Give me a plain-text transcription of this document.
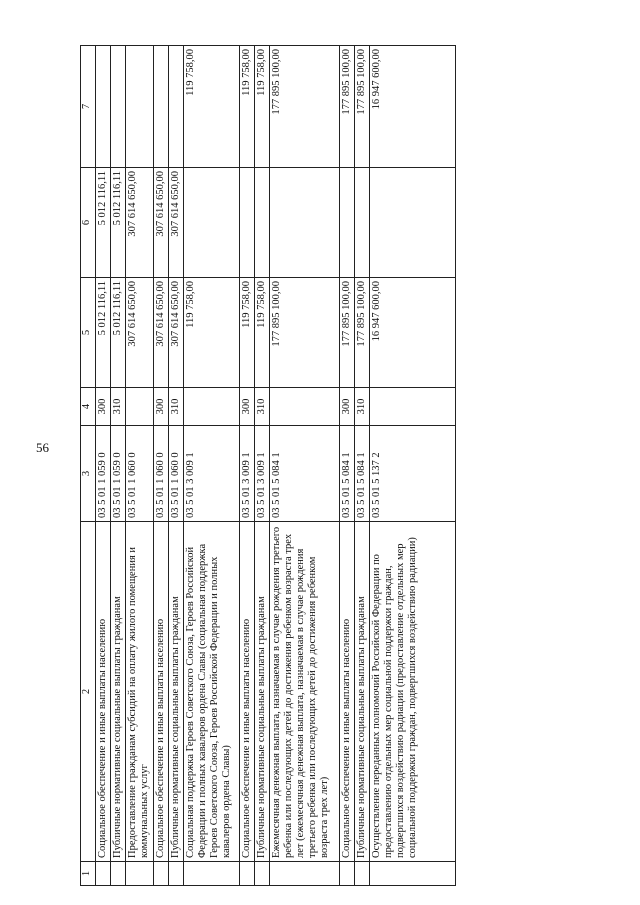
56
1	2	3	4	5	6	7
	Социальное обеспечение и иные выплаты населению	03 5 01 1 059 0	300	5 012 116,11	5 012 116,11	
	Публичные нормативные социальные выплаты гражданам	03 5 01 1 059 0	310	5 012 116,11	5 012 116,11	
	Предоставление гражданам субсидий на оплату жилого помещения и коммунальных услуг	03 5 01 1 060 0		307 614 650,00	307 614 650,00	
	Социальное обеспечение и иные выплаты населению	03 5 01 1 060 0	300	307 614 650,00	307 614 650,00	
	Публичные нормативные социальные выплаты гражданам	03 5 01 1 060 0	310	307 614 650,00	307 614 650,00	
	Социальная поддержка Героев Советского Союза, Героев Российской Федерации и полных кавалеров ордена Славы (социальная поддержка Героев Советского Союза, Героев Российской Федерации и полных кавалеров ордена Славы)	03 5 01 3 009 1		119 758,00		119 758,00
	Социальное обеспечение и иные выплаты населению	03 5 01 3 009 1	300	119 758,00		119 758,00
	Публичные нормативные социальные выплаты гражданам	03 5 01 3 009 1	310	119 758,00		119 758,00
	Ежемесячная денежная выплата, назначаемая в случае рождения третьего ребенка или последующих детей до достижения ребенком возраста трех лет (ежемесячная денежная выплата, назначаемая в случае рождения третьего ребенка или последующих детей до достижения ребенком возраста трех лет)	03 5 01 5 084 1		177 895 100,00		177 895 100,00
	Социальное обеспечение и иные выплаты населению	03 5 01 5 084 1	300	177 895 100,00		177 895 100,00
	Публичные нормативные социальные выплаты гражданам	03 5 01 5 084 1	310	177 895 100,00		177 895 100,00
	Осуществление переданных полномочий Российской Федерации по предоставлению отдельных мер социальной поддержки граждан, подвергшихся воздействию радиации (предоставление отдельных мер социальной поддержки граждан, подвергшихся воздействию радиации)	03 5 01 5 137 2		16 947 600,00		16 947 600,00
